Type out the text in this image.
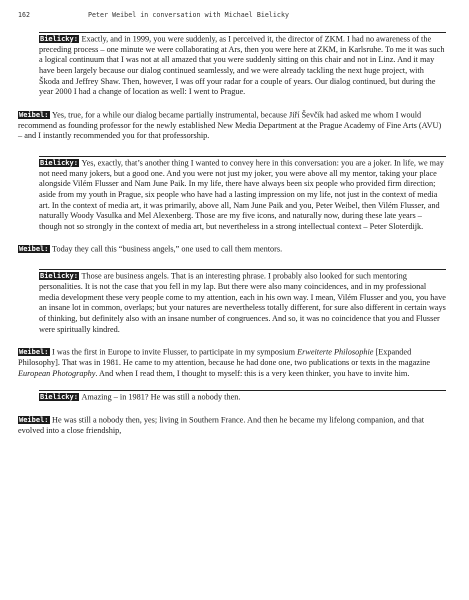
162	Peter Weibel in conversation with Michael Bielicky

Bielicky: Exactly, and in 1999, you were suddenly, as I perceived it, the director of ZKM. I had no awareness of the preceding process – one minute we were collaborating at Ars, then you were here at ZKM, in Karlsruhe. To me it was such a logical continuum that I was not at all amazed that you were suddenly sitting on this chair and not in Linz. And it may have been largely because our dialog continued seamlessly, and we were already tackling the next huge project, with Škoda and Jeffrey Shaw. Then, however, I was off your radar for a couple of years. Our dialog continued, but during the year 2000 I had a change of location as well: I went to Prague.

Weibel: Yes, true, for a while our dialog became partially instrumental, because Jiří Ševčík had asked me whom I would recommend as founding professor for the newly established New Media Department at the Prague Academy of Fine Arts (AVU) – and I instantly recommended you for that professorship.

Bielicky: Yes, exactly, that’s another thing I wanted to convey here in this conversation: you are a joker. In life, we may not need many jokers, but a good one. And you were not just my joker, you were above all my mentor, taking your place alongside Vilém Flusser and Nam June Paik. In my life, there have always been six people who provided firm direction; aside from my youth in Prague, six people who have had a lasting impression on my life, not just in the context of media art. In the context of media art, it was primarily, above all, Nam June Paik and you, Peter Weibel, then Vilém Flusser, and naturally Woody Vasulka and Mel Alexenberg. Those are my five icons, and naturally now, during these late years – though not so strongly in the context of media art, but nevertheless in a strong intellectual context – Peter Sloterdijk.

Weibel: Today they call this “business angels,” one used to call them mentors.

Bielicky: Those are business angels. That is an interesting phrase. I probably also looked for such mentoring personalities. It is not the case that you fell in my lap. But there were also many coincidences, and in my professional media development these very people come to my attention, each in his own way. I mean, Vilém Flusser and you, you have an insane lot in common, overlaps; but your natures are nevertheless totally different, for sure also different in certain ways of thinking, but definitely also with an insane number of congruences. And so, it was no coincidence that you and Flusser were spiritually kindred.

Weibel: I was the first in Europe to invite Flusser, to participate in my symposium Erweiterte Philosophie [Expanded Philosophy]. That was in 1981. He came to my attention, because he had done one, two publications or texts in the magazine European Photography. And when I read them, I thought to myself: this is a very keen thinker, you have to invite him.

Bielicky: Amazing – in 1981? He was still a nobody then.

Weibel: He was still a nobody then, yes; living in Southern France. And then he became my lifelong companion, and that evolved into a close friendship,
